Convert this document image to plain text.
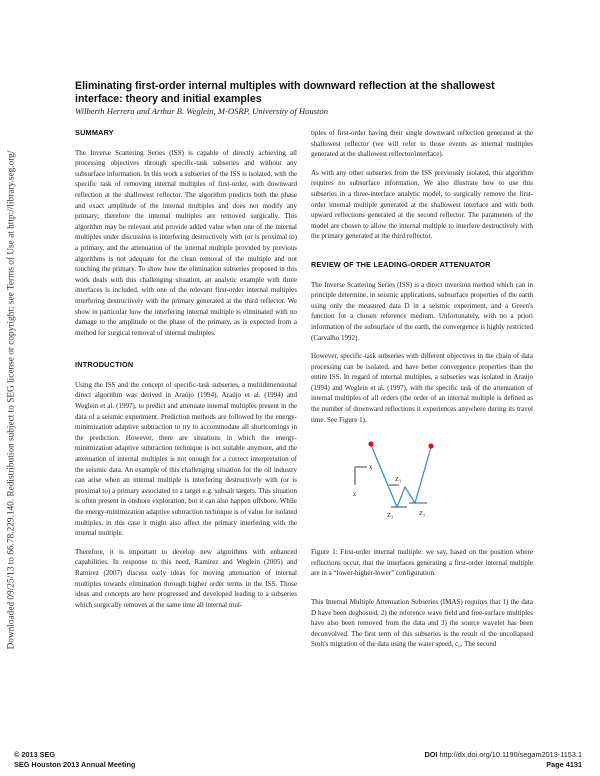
Downloaded 09/25/13 to 66.78.229.140. Redistribution subject to SEG license or copyright; see Terms of Use at http://library.seg.org/
Eliminating first-order internal multiples with downward reflection at the shallowest interface: theory and initial examples
Wilberth Herrera and Arthur B. Weglein, M-OSRP, University of Houston
SUMMARY

The Inverse Scattering Series (ISS) is capable of directly achieving all processing objectives through specific-task subseries and without any subsurface information. In this work a subseries of the ISS is isolated, with the specific task of removing internal multiples of first-order, with downward reflection at the shallowest reflector. The algorithm predicts both the phase and exact amplitude of the internal multiples and does not modify any primary; therefore the internal multiples are removed surgically. This algorithm may be relevant and provide added value when one of the internal multiples under discussion is interfering destructively with (or is proximal to) a primary, and the attenuation of the internal multiple provided by previous algorithms is not adequate for the clean removal of the multiple and not touching the primary. To show how the elimination subseries proposed in this work deals with this challenging situation, an analytic example with three interfaces is included, with one of the relevant first-order internal multiples interfering destructively with the primary generated at the third reflector. We show in particular how the interfering internal multiple is eliminated with no damage to the amplitude or the phase of the primary, as is expected from a method for surgical removal of internal multiples.

INTRODUCTION

Using the ISS and the concept of specific-task subseries, a multidimensional direct algorithm was derived in Araújo (1994), Araújo et al. (1994) and Weglein et al. (1997), to predict and attenuate internal multiples present in the data of a seismic experiment. Prediction methods are followed by the energy-minimization adaptive subtraction to try to accommodate all shortcomings in the prediction. However, there are situations in which the energy-minimization adaptive subtraction technique is not suitable anymore, and the attenuation of internal multiples is not enough for a correct interpretation of the seismic data. An example of this challenging situation for the oil industry can arise when an internal multiple is interfering destructively with (or is proximal to) a primary associated to a target e.g. subsalt targets. This situation is often present in onshore exploration, but it can also happen offshore. While the energy-minimization adaptive subtraction technique is of value for isolated multiples, in this case it might also affect the primary interfering with the internal multiple.

Therefore, it is important to develop new algorithms with enhanced capabilities. In response to this need, Ramírez and Weglein (2005) and Ramírez (2007) discuss early ideas for moving attenuation of internal multiples towards elimination through higher order terms in the ISS. Those ideas and concepts are here progressed and developed leading to a subseries which surgically removes at the same time all internal mul-

tiples of first-order having their single downward reflection generated at the shallowest reflector (we will refer to those events as internal multiples generated at the shallowest reflector/interface).

As with any other subseries from the ISS previously isolated, this algorithm requires no subsurface information. We also illustrate how to use this subseries in a three-interface analytic model, to surgically remove the first-order internal multiple generated at the shallowest interface and with both upward reflections generated at the second reflector. The parameters of the model are chosen to allow the internal multiple to interfere destructively with the primary generated at the third reflector.

REVIEW OF THE LEADING-ORDER ATTENUATOR

The Inverse Scattering Series (ISS) is a direct inversion method which can in principle determine, in seismic applications, subsurface properties of the earth using only the measured data D in a seismic experiment, and a Green's function for a chosen reference medium. Unfortunately, with no a priori information of the subsurface of the earth, the convergence is highly restricted (Carvalho 1992).

However, specific-task subseries with different objectives in the chain of data processing can be isolated, and have better convergence properties than the entire ISS. In regard of internal multiples, a subseries was isolated in Araújo (1994) and Weglein et al. (1997), with the specific task of the attenuation of internal multiples of all orders (the order of an internal multiple is defined as the number of downward reflections it experiences anywhere during its travel time. See Figure 1).

x
z
Z₁
Z₂
Z₃

Figure 1: First-order internal multiple: we say, based on the position where reflections occur, that the interfaces generating a first-order internal multiple are in a “lower-higher-lower” configuration.

This Internal Multiple Attenuation Subseries (IMAS) requires that 1) the data D have been deghosted, 2) the reference wave field and free-surface multiples have also been removed from the data and 3) the source wavelet has been deconvolved. The first term of this subseries is the result of the uncollapsed Stolt's migration of the data using the water speed, c₀. The second

© 2013 SEG
SEG Houston 2013 Annual Meeting
DOI http://dx.doi.org/10.1190/segam2013-1153.1
Page 4131
